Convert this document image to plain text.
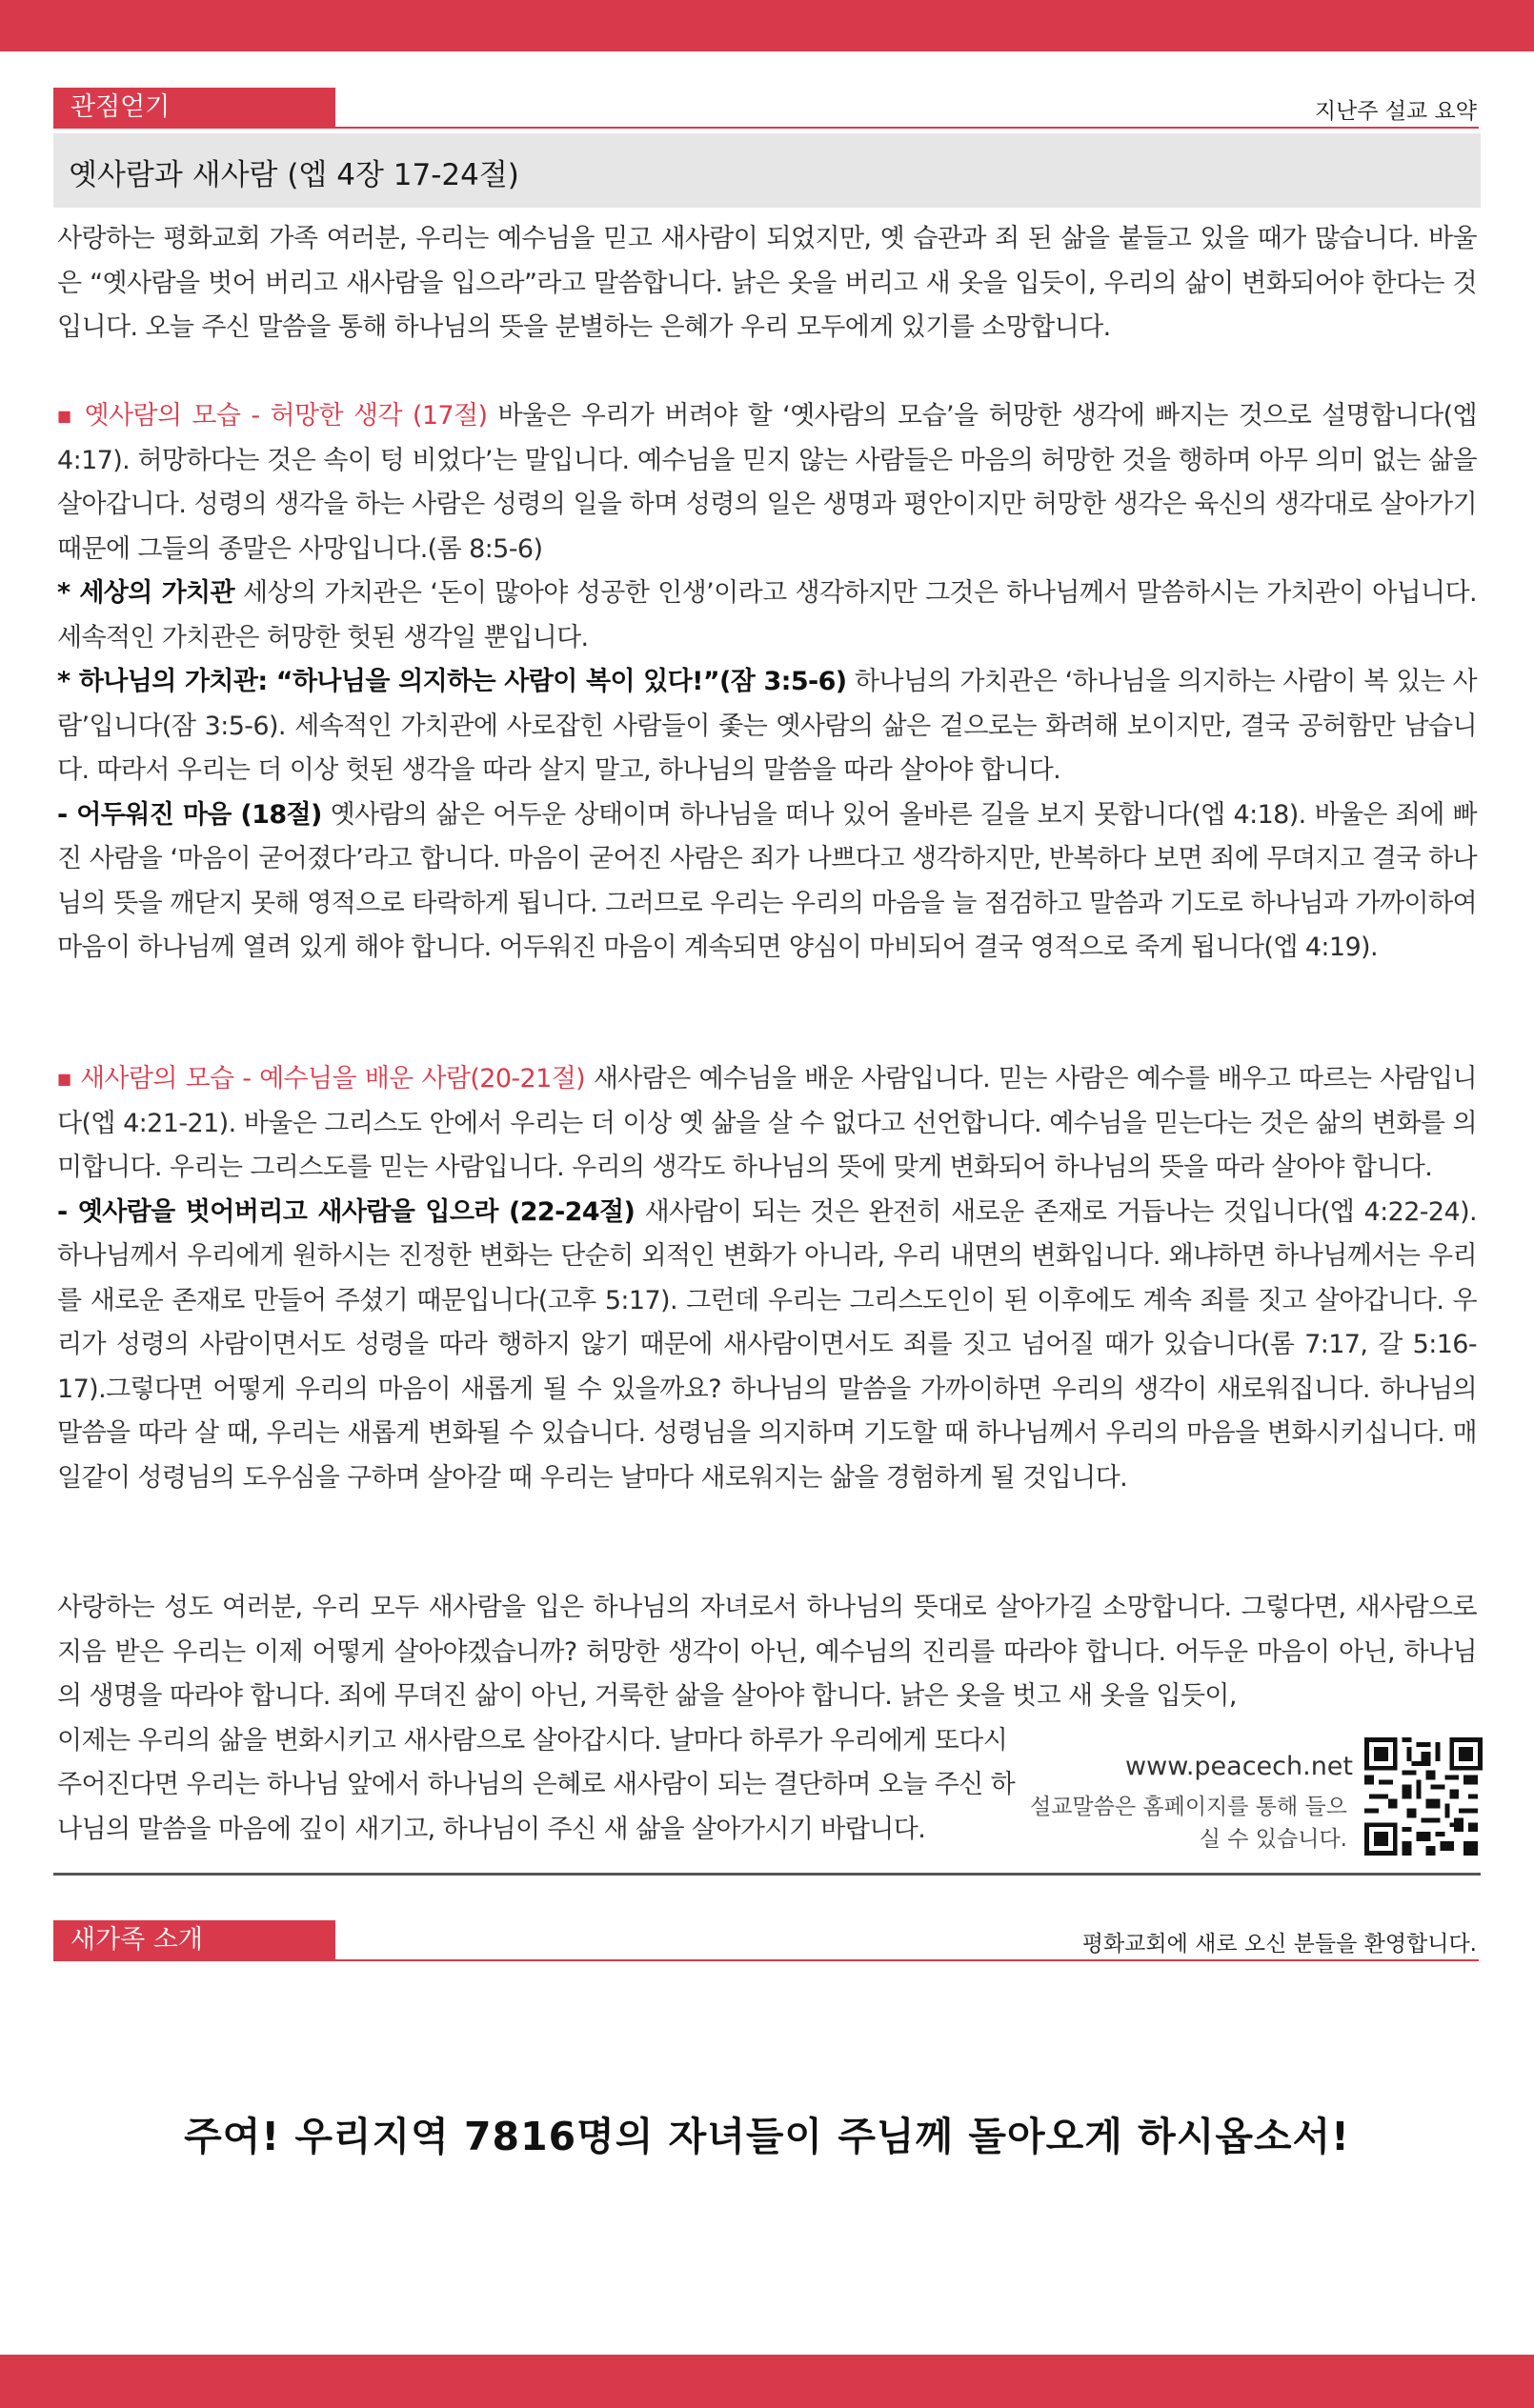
관점얻기	지난주 설교 요약
옛사람과 새사람 (엡 4장 17-24절)
사랑하는 평화교회 가족 여러분, 우리는 예수님을 믿고 새사람이 되었지만, 옛 습관과 죄 된 삶을 붙들고 있을 때가 많습니다. 바울은 “옛사람을 벗어 버리고 새사람을 입으라”라고 말씀합니다. 낡은 옷을 버리고 새 옷을 입듯이, 우리의 삶이 변화되어야 한다는 것입니다. 오늘 주신 말씀을 통해 하나님의 뜻을 분별하는 은혜가 우리 모두에게 있기를 소망합니다.

■ 옛사람의 모습 - 허망한 생각 (17절) 바울은 우리가 버려야 할 ‘옛사람의 모습’을 허망한 생각에 빠지는 것으로 설명합니다(엡 4:17). 허망하다는 것은 속이 텅 비었다’는 말입니다. 예수님을 믿지 않는 사람들은 마음의 허망한 것을 행하며 아무 의미 없는 삶을 살아갑니다. 성령의 생각을 하는 사람은 성령의 일을 하며 성령의 일은 생명과 평안이지만 허망한 생각은 육신의 생각대로 살아가기 때문에 그들의 종말은 사망입니다.(롬 8:5-6)

* 세상의 가치관 세상의 가치관은 ‘돈이 많아야 성공한 인생’이라고 생각하지만 그것은 하나님께서 말씀하시는 가치관이 아닙니다. 세속적인 가치관은 허망한 헛된 생각일 뿐입니다.

* 하나님의 가치관: “하나님을 의지하는 사람이 복이 있다!”(잠 3:5-6) 하나님의 가치관은 ‘하나님을 의지하는 사람이 복 있는 사람’입니다(잠 3:5-6). 세속적인 가치관에 사로잡힌 사람들이 좇는 옛사람의 삶은 겉으로는 화려해 보이지만, 결국 공허함만 남습니다. 따라서 우리는 더 이상 헛된 생각을 따라 살지 말고, 하나님의 말씀을 따라 살아야 합니다.

- 어두워진 마음 (18절) 옛사람의 삶은 어두운 상태이며 하나님을 떠나 있어 올바른 길을 보지 못합니다(엡 4:18). 바울은 죄에 빠진 사람을 ‘마음이 굳어졌다’라고 합니다. 마음이 굳어진 사람은 죄가 나쁘다고 생각하지만, 반복하다 보면 죄에 무뎌지고 결국 하나님의 뜻을 깨닫지 못해 영적으로 타락하게 됩니다. 그러므로 우리는 우리의 마음을 늘 점검하고 말씀과 기도로 하나님과 가까이하여 마음이 하나님께 열려 있게 해야 합니다. 어두워진 마음이 계속되면 양심이 마비되어 결국 영적으로 죽게 됩니다(엡 4:19).

■ 새사람의 모습 - 예수님을 배운 사람(20-21절) 새사람은 예수님을 배운 사람입니다. 믿는 사람은 예수를 배우고 따르는 사람입니다(엡 4:21-21). 바울은 그리스도 안에서 우리는 더 이상 옛 삶을 살 수 없다고 선언합니다. 예수님을 믿는다는 것은 삶의 변화를 의미합니다. 우리는 그리스도를 믿는 사람입니다. 우리의 생각도 하나님의 뜻에 맞게 변화되어 하나님의 뜻을 따라 살아야 합니다.

- 옛사람을 벗어버리고 새사람을 입으라 (22-24절) 새사람이 되는 것은 완전히 새로운 존재로 거듭나는 것입니다(엡 4:22-24). 하나님께서 우리에게 원하시는 진정한 변화는 단순히 외적인 변화가 아니라, 우리 내면의 변화입니다. 왜냐하면 하나님께서는 우리를 새로운 존재로 만들어 주셨기 때문입니다(고후 5:17). 그런데 우리는 그리스도인이 된 이후에도 계속 죄를 짓고 살아갑니다. 우리가 성령의 사람이면서도 성령을 따라 행하지 않기 때문에 새사람이면서도 죄를 짓고 넘어질 때가 있습니다(롬 7:17, 갈 5:16-17).그렇다면 어떻게 우리의 마음이 새롭게 될 수 있을까요? 하나님의 말씀을 가까이하면 우리의 생각이 새로워집니다. 하나님의 말씀을 따라 살 때, 우리는 새롭게 변화될 수 있습니다. 성령님을 의지하며 기도할 때 하나님께서 우리의 마음을 변화시키십니다. 매일같이 성령님의 도우심을 구하며 살아갈 때 우리는 날마다 새로워지는 삶을 경험하게 될 것입니다.

사랑하는 성도 여러분, 우리 모두 새사람을 입은 하나님의 자녀로서 하나님의 뜻대로 살아가길 소망합니다. 그렇다면, 새사람으로 지음 받은 우리는 이제 어떻게 살아야겠습니까? 허망한 생각이 아닌, 예수님의 진리를 따라야 합니다. 어두운 마음이 아닌, 하나님의 생명을 따라야 합니다. 죄에 무뎌진 삶이 아닌, 거룩한 삶을 살아야 합니다. 낡은 옷을 벗고 새 옷을 입듯이,

이제는 우리의 삶을 변화시키고 새사람으로 살아갑시다. 날마다 하루가 우리에게 또다시 주어진다면 우리는 하나님 앞에서 하나님의 은혜로 새사람이 되는 결단하며 오늘 주신 하나님의 말씀을 마음에 깊이 새기고, 하나님이 주신 새 삶을 살아가시기 바랍니다.

www.peacech.net
설교말씀은 홈페이지를 통해 들으실 수 있습니다.
새가족 소개	평화교회에 새로 오신 분들을 환영합니다.
주여! 우리지역 7816명의 자녀들이 주님께 돌아오게 하시옵소서!
